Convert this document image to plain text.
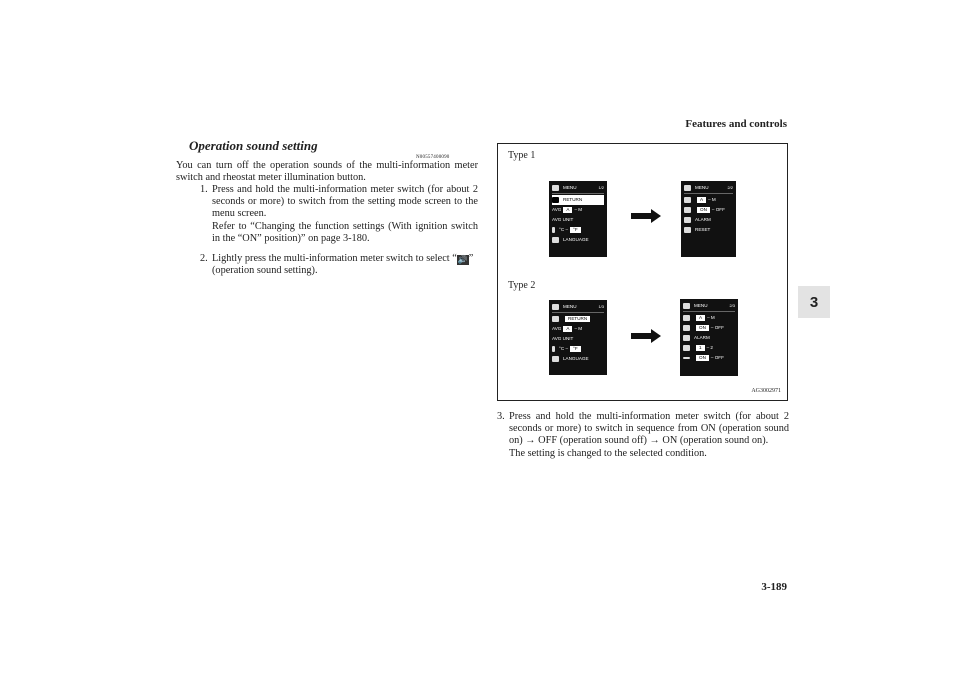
Features and controls
3
Operation sound setting
N00557400090
You can turn off the operation sounds of the multi-information meter switch and rheostat meter illumination button.
1. Press and hold the multi-information meter switch (for about 2 seconds or more) to switch from the setting mode screen to the menu screen.
Refer to “Changing the function settings (With ignition switch in the “ON” position)” on page 3-180.
2. Lightly press the multi-information meter switch to select “🔊” (operation sound setting).
Type 1
Type 2
MENU	1/2
RETURN
AVG	A	–
M
AVG UNIT
°C
–	°F
LANGUAGE
MENU	2/2
A	–
M
ON	–
OFF
ALARM
RESET
MENU	1/3
RETURN
AVG	A	–
M
AVG UNIT
°C
–	°F
LANGUAGE
MENU	2/3
A	–
M
ON	–
OFF
ALARM
1	–
2
ON	–
OFF
AG3002971
3. Press and hold the multi-information meter switch (for about 2 seconds or more) to switch in sequence from ON (operation sound on) → OFF (operation sound off) → ON (operation sound on).
The setting is changed to the selected condition.
3-189
